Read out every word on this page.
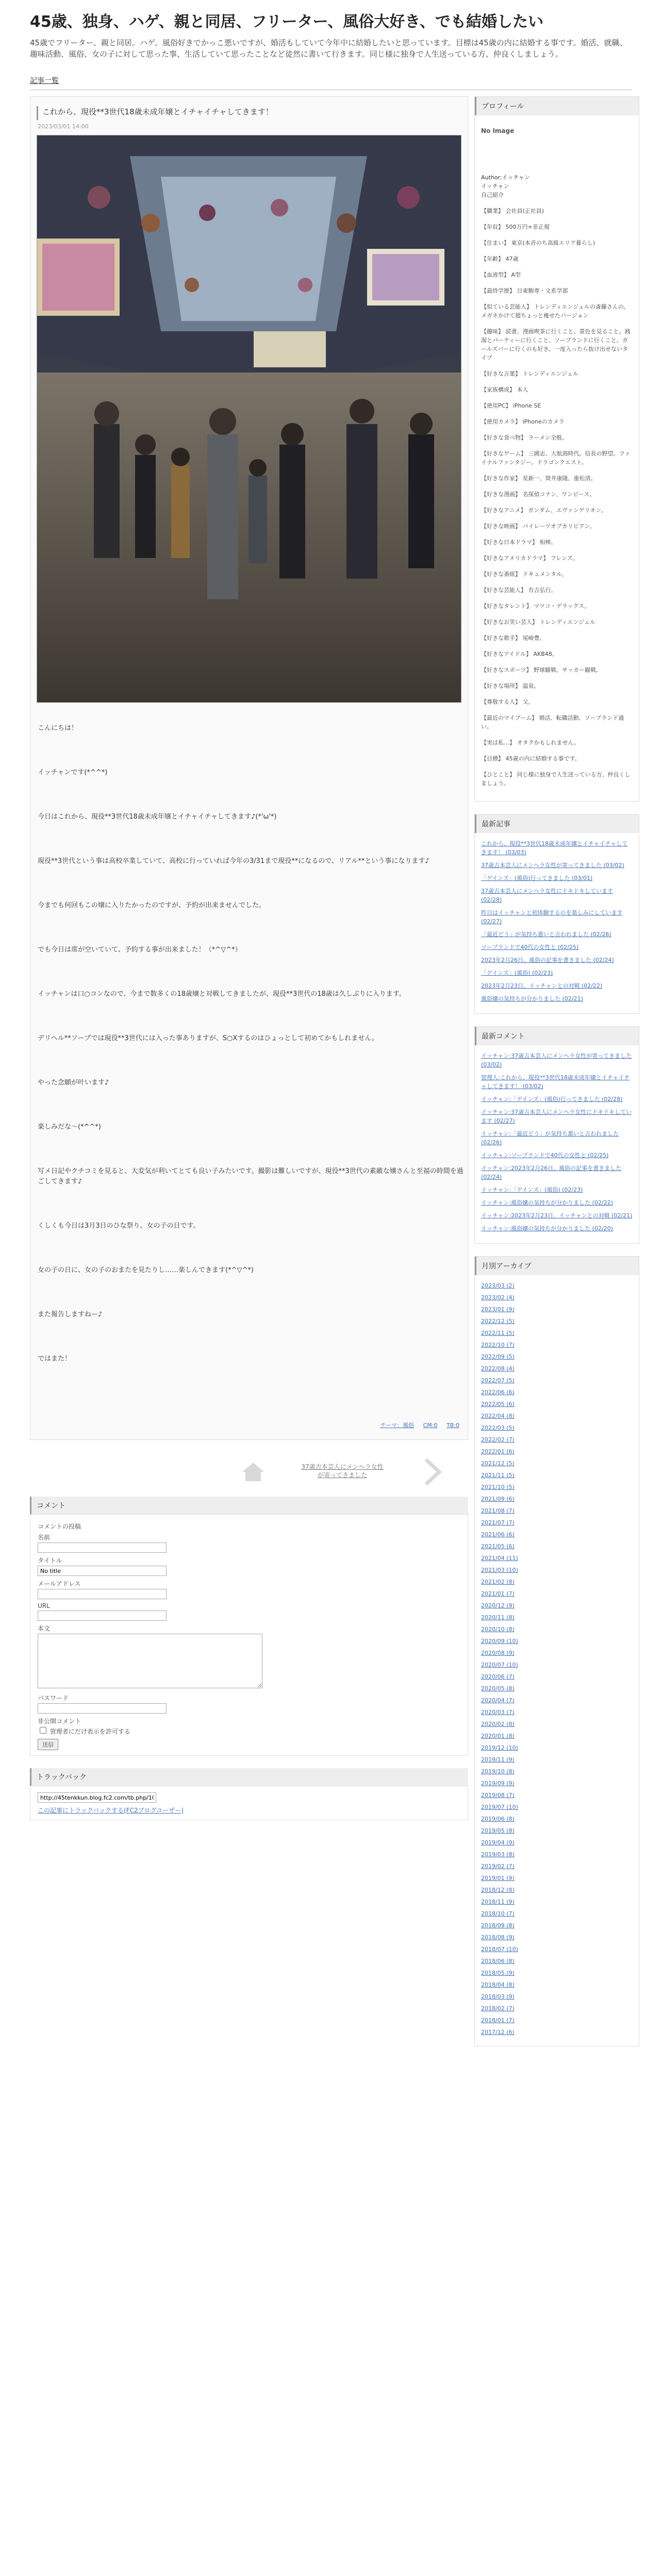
45歳、独身、ハゲ、親と同居、フリーター、風俗大好き、でも結婚したい
45歳でフリーター、親と同居。ハゲ。風俗好きでかっこ悪いですが、婚活もしていて今年中に結婚したいと思っています。目標は45歳の内に結婚する事です。婚活、就職、趣味活動、風俗、女の子に対して思った事、生活していて思ったことなど徒然に書いて行きます。同じ様に独身で人生送っている方、仲良くしましょう。
記事一覧
これから、現役**3世代18歳未成年嬢とイチャイチャしてきます！
2023/03/01 14:00

こんにちは！

イッチャンです(*^^*)

今日はこれから、現役**3世代18歳未成年嬢とイチャイチャしてきます♪(*'ω'*)

現役**3世代という事は高校卒業していて、高校に行っていれば今年の3/31まで現役**になるので、リアル**という事になります♪

今までも何回もこの嬢に入りたかったのですが、予約が出来ませんでした。

でも今日は席が空いていて、予約する事が出来ました！（*^▽^*）

イッチャンは口○コンなので、今まで数多くの18歳嬢と対戦してきましたが、現役**3世代の18歳は久しぶりに入ります。

デリヘル**ソープでは現役**3世代には入った事ありますが、S○Xするのはひょっとして初めてかもしれません。

やった念願が叶います♪

楽しみだな〜(*^^*)

写メ日記やクチコミを見ると、大変気が利いてとても良い子みたいです。撮影は難しいですが、現役**3世代の素敵な嬢さんと至福の時間を過ごしてきます♪

くしくも今日は3月3日のひな祭り。女の子の日です。

女の子の日に、女の子のおまたを見たりし……楽しんできます(*^▽^*)

また報告しますねー♪

ではまた！

テーマ：風俗 CM:0 TB:0
37歳吉本芸人にメンヘラ女性が寄ってきました
コメント
コメントの投稿
名前
タイトル
No title
メールアドレス
URL
本文
パスワード
非公開コメント
管理者にだけ表示を許可する
送信
トラックバック
http://45tenkkun.blog.fc2.com/tb.php/1071-9d0c1e80 この記事にトラックバックする(FC2ブログユーザー)
プロフィール
No Image
Author:イッチャン
イッチャン
自己紹介

【職業】 会社員(正社員)

【年収】 500万円+非正規

【住まい】 東京(本音のち高級エリア暮らし)

【年齢】 47歳

【血液型】 A型

【最終学歴】 日東駒専・文系学部

【似ている芸能人】 トレンディエンジェルの斎藤さんの、メガネかけて超ちょっと痩せたバージョン

【趣味】 読書、漫画喫茶に行くこと。景色を見ること。銭湯とパーティーに行くこと、ソープランドに行くこと。ガールズバーに行くのも好き。一度入ったら抜け出せないタイプ

【好きな言葉】 トレンディエンジェル

【家族構成】 本人

【使用PC】 iPhone SE

【使用カメラ】 iPhoneのカメラ

【好きな食べ物】 ラーメン全般。

【好きなゲーム】 三國志、大航海時代。信長の野望。ファイナルファンタジー。ドラゴンクエスト。

【好きな作家】 星新一、筒井康隆、重松清。

【好きな漫画】 名探偵コナン、ワンピース。

【好きなアニメ】 ガンダム、エヴァンゲリオン。

【好きな映画】 パイレーツオブカリビアン。

【好きな日本ドラマ】 相棒。

【好きなアメリカドラマ】 フレンズ。

【好きな番組】 ドキュメンタル。

【好きな芸能人】 有吉弘行。

【好きなタレント】 マツコ・デラックス。

【好きなお笑い芸人】 トレンディエンジェル

【好きな歌手】 尾崎豊。

【好きなアイドル】 AKB48。

【好きなスポーツ】 野球観戦、サッカー観戦。

【好きな場所】 温泉。

【尊敬する人】 父。

【最近のマイブーム】 婚活、転職活動、ソープランド通い。

【実は私…】 オタクかもしれません。

【目標】 45歳の内に結婚する事です。

【ひとこと】 同じ様に独身で人生送っている方、仲良くしましょう。

最新記事
これから、現役**3世代18歳未成年嬢とイチャイチャしてきます！ (03/03)
37歳吉本芸人にメンヘラ女性が寄ってきました (03/02)
「ゲインズ」(風俗)行ってきました (03/01)
37歳吉本芸人にメンヘラ女性にドキドキしています (02/28)
昨日はイッチャンと初体験するのを楽しみにしています (02/27)
「最近どう」が気持ち悪いと言われました (02/26)
ソープランドで40代の女性と (02/25)
2023年2月26日、風俗の記事を書きました (02/24)
「ゲインズ」(風俗) (02/23)
2023年2月23日、イッチャンとの対戦 (02/22)
風俗嬢の気持ちが分かりました (02/21)
最新コメント
イッチャン:37歳吉本芸人にメンヘラ女性が寄ってきました (03/02)
管理人:これから、現役**3世代18歳未成年嬢とイチャイチャしてきます！ (03/02)
イッチャン:「ゲインズ」(風俗)行ってきました (02/28)
イッチャン:37歳吉本芸人にメンヘラ女性にドキドキしています (02/27)
イッチャン:「最近どう」が気持ち悪いと言われました (02/26)
イッチャン:ソープランドで40代の女性と (02/25)
イッチャン:2023年2月26日、風俗の記事を書きました (02/24)
イッチャン:「ゲインズ」(風俗) (02/23)
イッチャン:風俗嬢の気持ちが分かりました (02/22)
イッチャン:2023年2月23日、イッチャンとの対戦 (02/21)
イッチャン:風俗嬢の気持ちが分かりました (02/20)
月別アーカイブ
2023/03 (2)
2023/02 (4)
2023/01 (9)
2022/12 (5)
2022/11 (5)
2022/10 (7)
2022/09 (5)
2022/08 (4)
2022/07 (5)
2022/06 (6)
2022/05 (6)
2022/04 (8)
2022/03 (5)
2022/02 (7)
2022/01 (6)
2021/12 (5)
2021/11 (5)
2021/10 (5)
2021/09 (6)
2021/08 (7)
2021/07 (7)
2021/06 (6)
2021/05 (6)
2021/04 (11)
2021/03 (10)
2021/02 (8)
2021/01 (7)
2020/12 (9)
2020/11 (8)
2020/10 (8)
2020/09 (10)
2020/08 (9)
2020/07 (10)
2020/06 (7)
2020/05 (8)
2020/04 (7)
2020/03 (7)
2020/02 (8)
2020/01 (8)
2019/12 (10)
2019/11 (9)
2019/10 (8)
2019/09 (9)
2019/08 (7)
2019/07 (10)
2019/06 (8)
2019/05 (8)
2019/04 (9)
2019/03 (8)
2019/02 (7)
2019/01 (9)
2018/12 (8)
2018/11 (9)
2018/10 (7)
2018/09 (8)
2018/08 (9)
2018/07 (10)
2018/06 (8)
2018/05 (9)
2018/04 (8)
2018/03 (9)
2018/02 (7)
2018/01 (7)
2017/12 (6)
